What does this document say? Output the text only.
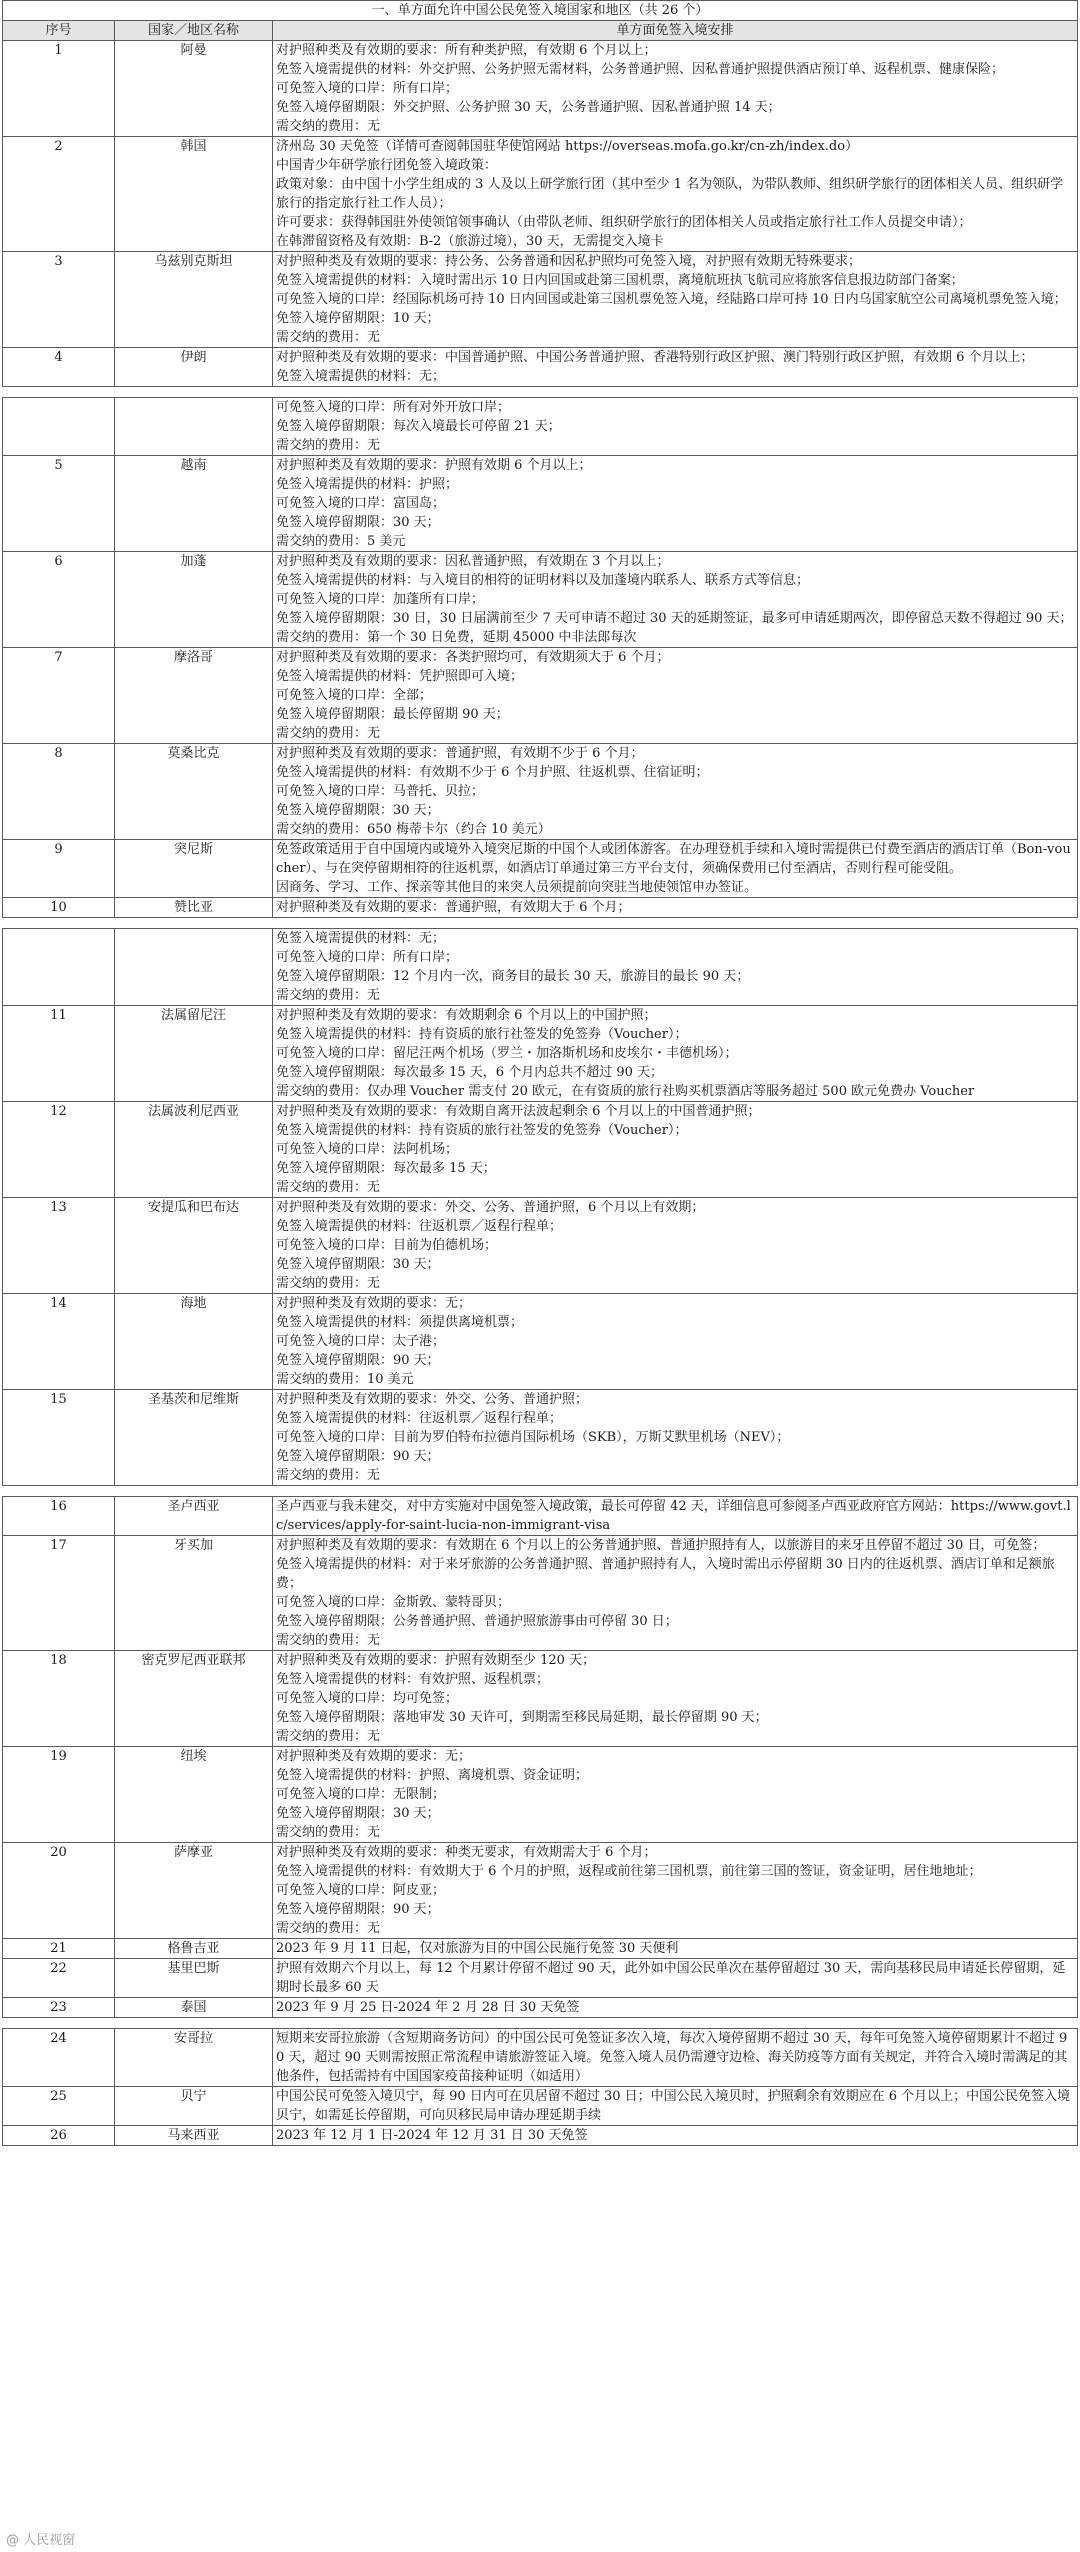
一、单方面允许中国公民免签入境国家和地区（共 26 个）		
序号	国家／地区名称	单方面免签入境安排
1	阿曼	对护照种类及有效期的要求：所有种类护照，有效期 6 个月以上；
免签入境需提供的材料：外交护照、公务护照无需材料，公务普通护照、因私普通护照提供酒店预订单、返程机票、健康保险；
可免签入境的口岸：所有口岸；
免签入境停留期限：外交护照、公务护照 30 天，公务普通护照、因私普通护照 14 天；
需交纳的费用：无

2	韩国	济州岛 30 天免签（详情可查阅韩国驻华使馆网站 https://overseas.mofa.go.kr/cn-zh/index.do）
中国青少年研学旅行团免签入境政策：
政策对象：由中国十小学生组成的 3 人及以上研学旅行团（其中至少 1 名为领队，为带队教师、组织研学旅行的团体相关人员、组织研学旅行的指定旅行社工作人员）；
许可要求：获得韩国驻外使领馆领事确认（由带队老师、组织研学旅行的团体相关人员或指定旅行社工作人员提交申请）；
在韩滞留资格及有效期：B-2（旅游过境），30 天，无需提交入境卡

3	乌兹别克斯坦	对护照种类及有效期的要求：持公务、公务普通和因私护照均可免签入境，对护照有效期无特殊要求；
免签入境需提供的材料：入境时需出示 10 日内回国或赴第三国机票，离境航班执飞航司应将旅客信息报边防部门备案；
可免签入境的口岸：经国际机场可持 10 日内回国或赴第三国机票免签入境，经陆路口岸可持 10 日内乌国家航空公司离境机票免签入境；
免签入境停留期限：10 天；
需交纳的费用：无

4	伊朗	对护照种类及有效期的要求：中国普通护照、中国公务普通护照、香港特别行政区护照、澳门特别行政区护照，有效期 6 个月以上；
免签入境需提供的材料：无；

		可免签入境的口岸：所有对外开放口岸；
免签入境停留期限：每次入境最长可停留 21 天；
需交纳的费用：无

5	越南	对护照种类及有效期的要求：护照有效期 6 个月以上；
免签入境需提供的材料：护照；
可免签入境的口岸：富国岛；
免签入境停留期限：30 天；
需交纳的费用：5 美元

6	加蓬	对护照种类及有效期的要求：因私普通护照，有效期在 3 个月以上；
免签入境需提供的材料：与入境目的相符的证明材料以及加蓬境内联系人、联系方式等信息；
可免签入境的口岸：加蓬所有口岸；
免签入境停留期限：30 日，30 日届满前至少 7 天可申请不超过 30 天的延期签证，最多可申请延期两次，即停留总天数不得超过 90 天；
需交纳的费用：第一个 30 日免费，延期 45000 中非法郎每次

7	摩洛哥	对护照种类及有效期的要求：各类护照均可，有效期须大于 6 个月；
免签入境需提供的材料：凭护照即可入境；
可免签入境的口岸：全部；
免签入境停留期限：最长停留期 90 天；
需交纳的费用：无

8	莫桑比克	对护照种类及有效期的要求：普通护照，有效期不少于 6 个月；
免签入境需提供的材料：有效期不少于 6 个月护照、往返机票、住宿证明；
可免签入境的口岸：马普托、贝拉；
免签入境停留期限：30 天；
需交纳的费用：650 梅蒂卡尔（约合 10 美元）

9	突尼斯	免签政策适用于自中国境内或境外入境突尼斯的中国个人或团体游客。在办理登机手续和入境时需提供已付费至酒店的酒店订单（Bon-voucher）、与在突停留期相符的往返机票，如酒店订单通过第三方平台支付，须确保费用已付至酒店，否则行程可能受阻。
因商务、学习、工作、探亲等其他目的来突人员须提前向突驻当地使领馆申办签证。

10	赞比亚	对护照种类及有效期的要求：普通护照，有效期大于 6 个月；

		免签入境需提供的材料：无；
可免签入境的口岸：所有口岸；
免签入境停留期限：12 个月内一次，商务目的最长 30 天，旅游目的最长 90 天；
需交纳的费用：无

11	法属留尼汪	对护照种类及有效期的要求：有效期剩余 6 个月以上的中国护照；
免签入境需提供的材料：持有资质的旅行社签发的免签券（Voucher）；
可免签入境的口岸：留尼汪两个机场（罗兰・加洛斯机场和皮埃尔・丰德机场）；
免签入境停留期限：每次最多 15 天，6 个月内总共不超过 90 天；
需交纳的费用：仅办理 Voucher 需支付 20 欧元，在有资质的旅行社购买机票酒店等服务超过 500 欧元免费办 Voucher

12	法属波利尼西亚	对护照种类及有效期的要求：有效期自离开法波起剩余 6 个月以上的中国普通护照；
免签入境需提供的材料：持有资质的旅行社签发的免签券（Voucher）；
可免签入境的口岸：法阿机场；
免签入境停留期限：每次最多 15 天；
需交纳的费用：无

13	安提瓜和巴布达	对护照种类及有效期的要求：外交、公务、普通护照，6 个月以上有效期；
免签入境需提供的材料：往返机票／返程行程单；
可免签入境的口岸：目前为伯德机场；
免签入境停留期限：30 天；
需交纳的费用：无

14	海地	对护照种类及有效期的要求：无；
免签入境需提供的材料：须提供离境机票；
可免签入境的口岸：太子港；
免签入境停留期限：90 天；
需交纳的费用：10 美元

15	圣基茨和尼维斯	对护照种类及有效期的要求：外交、公务、普通护照；
免签入境需提供的材料：往返机票／返程行程单；
可免签入境的口岸：目前为罗伯特布拉德肖国际机场（SKB），万斯艾默里机场（NEV）；
免签入境停留期限：90 天；
需交纳的费用：无
16	圣卢西亚	圣卢西亚与我未建交，对中方实施对中国免签入境政策，最长可停留 42 天，详细信息可参阅圣卢西亚政府官方网站：https://www.govt.lc/services/apply-for-saint-lucia-non-immigrant-visa

17	牙买加	对护照种类及有效期的要求：有效期在 6 个月以上的公务普通护照、普通护照持有人，以旅游目的来牙且停留不超过 30 日，可免签；
免签入境需提供的材料：对于来牙旅游的公务普通护照、普通护照持有人，入境时需出示停留期 30 日内的往返机票、酒店订单和足额旅费；
可免签入境的口岸：金斯敦、蒙特哥贝；
免签入境停留期限：公务普通护照、普通护照旅游事由可停留 30 日；
需交纳的费用：无

18	密克罗尼西亚联邦	对护照种类及有效期的要求：护照有效期至少 120 天；
免签入境需提供的材料：有效护照、返程机票；
可免签入境的口岸：均可免签；
免签入境停留期限：落地审发 30 天许可，到期需至移民局延期，最长停留期 90 天；
需交纳的费用：无

19	纽埃	对护照种类及有效期的要求：无；
免签入境需提供的材料：护照、离境机票、资金证明；
可免签入境的口岸：无限制；
免签入境停留期限：30 天；
需交纳的费用：无

20	萨摩亚	对护照种类及有效期的要求：种类无要求，有效期需大于 6 个月；
免签入境需提供的材料：有效期大于 6 个月的护照，返程或前往第三国机票，前往第三国的签证，资金证明，居住地地址；
可免签入境的口岸：阿皮亚；
免签入境停留期限：90 天；
需交纳的费用：无

21	格鲁吉亚	2023 年 9 月 11 日起，仅对旅游为目的中国公民施行免签 30 天便利

22	基里巴斯	护照有效期六个月以上，每 12 个月累计停留不超过 90 天，此外如中国公民单次在基停留超过 30 天，需向基移民局申请延长停留期，延期时长最多 60 天

23	泰国	2023 年 9 月 25 日-2024 年 2 月 28 日 30 天免签
24	安哥拉	短期来安哥拉旅游（含短期商务访问）的中国公民可免签证多次入境，每次入境停留期不超过 30 天，每年可免签入境停留期累计不超过 90 天，超过 90 天则需按照正常流程申请旅游签证入境。免签入境人员仍需遵守边检、海关防疫等方面有关规定，并符合入境时需满足的其他条件，包括需持有中国国家疫苗接种证明（如适用）

25	贝宁	中国公民可免签入境贝宁，每 90 日内可在贝居留不超过 30 日；中国公民入境贝时，护照剩余有效期应在 6 个月以上；中国公民免签入境贝宁，如需延长停留期，可向贝移民局申请办理延期手续

26	马来西亚	2023 年 12 月 1 日-2024 年 12 月 31 日 30 天免签
@ 人民视窗
